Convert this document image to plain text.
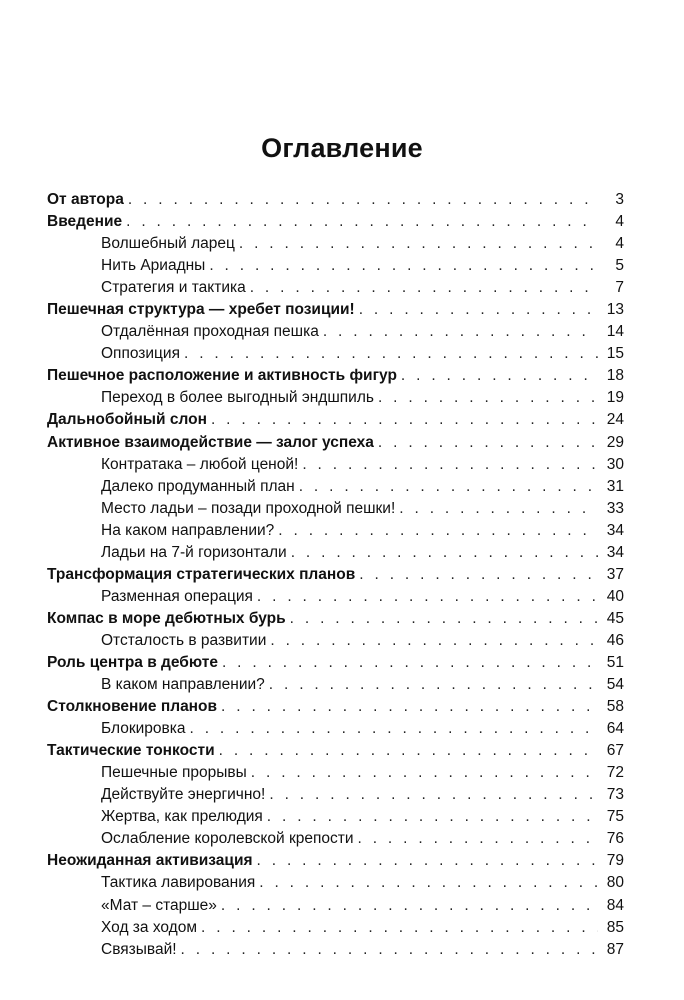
Оглавление
От автора . . .	3
Введение . . .	4
Волшебный ларец . . .	4
Нить Ариадны . . .	5
Стратегия и тактика . . .	7
Пешечная структура — хребет позиции! . . .	13
Отдалённая проходная пешка . . .	14
Оппозиция . . .	15
Пешечное расположение и активность фигур . . .	18
Переход в более выгодный эндшпиль . . .	19
Дальнобойный слон . . .	24
Активное взаимодействие — залог успеха . . .	29
Контратака – любой ценой! . . .	30
Далеко продуманный план . . .	31
Место ладьи – позади проходной пешки! . . .	33
На каком направлении? . . .	34
Ладьи на 7-й горизонтали . . .	34
Трансформация стратегических планов . . .	37
Разменная операция . . .	40
Компас в море дебютных бурь . . .	45
Отсталость в развитии . . .	46
Роль центра в дебюте . . .	51
В каком направлении? . . .	54
Столкновение планов . . .	58
Блокировка . . .	64
Тактические тонкости . . .	67
Пешечные прорывы . . .	72
Действуйте энергично! . . .	73
Жертва, как прелюдия . . .	75
Ослабление королевской крепости . . .	76
Неожиданная активизация . . .	79
Тактика лавирования . . .	80
«Мат – старше» . . .	84
Ход за ходом . . .	85
Связывай! . . .	87
